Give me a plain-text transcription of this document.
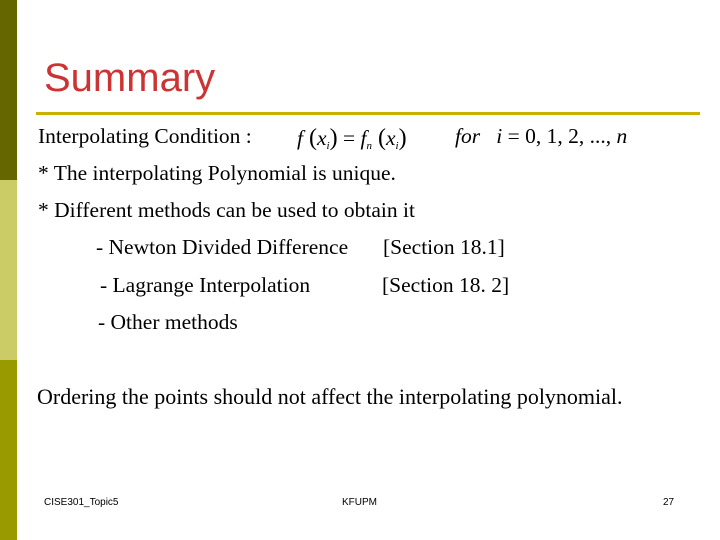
Summary
Interpolating Condition : f $(x_i) = f_n$ $(x_i)$ for i = 0, 1, 2, ..., n
* The interpolating Polynomial is unique.
* Different methods can be used to obtain it
- Newton Divided Difference [Section 18.1]
- Lagrange Interpolation	[Section 18. 2]
- Other methods
Ordering the points should not affect the interpolating polynomial.
CISE301_Topic5	KFUPM	27
